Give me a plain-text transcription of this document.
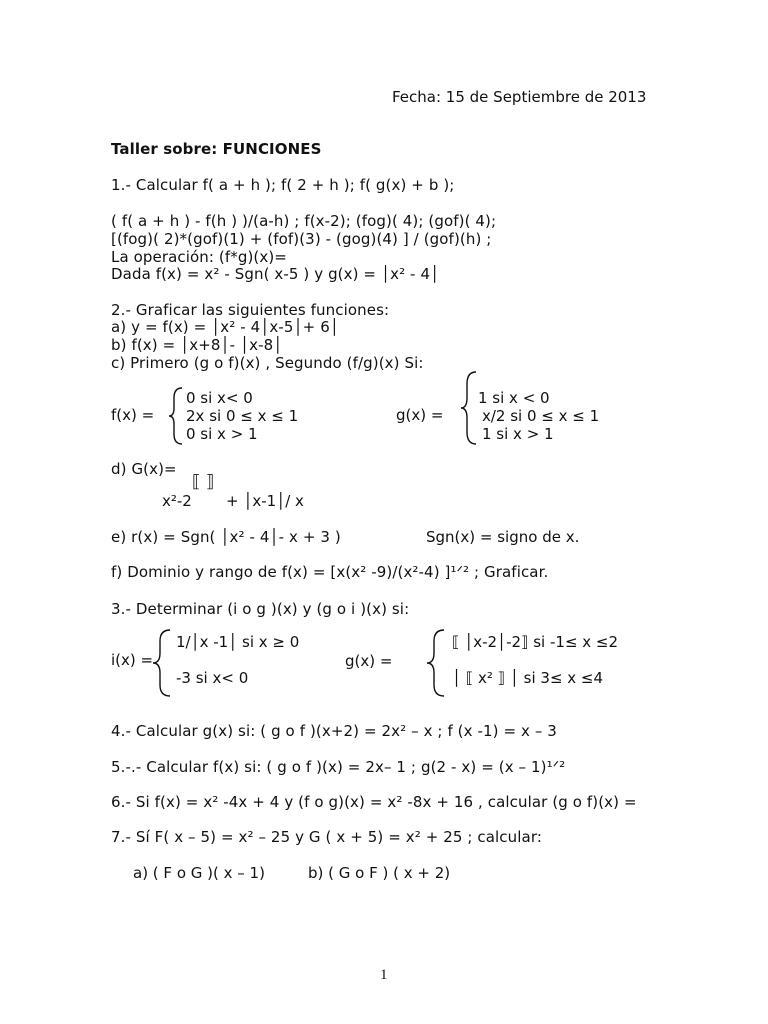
Fecha: 15 de Septiembre de 2013
Taller sobre: FUNCIONES
1.- Calcular f( a + h ); f( 2 + h ); f( g(x) + b );
( f( a + h ) - f(h ) )/(a-h) ; f(x-2); (fog)( 4); (gof)( 4);
[(fog)( 2)*(gof)(1) + (fof)(3) - (gog)(4) ] / (gof)(h) ;
La operación: (f*g)(x)=
Dada f(x) = x² - Sgn( x-5 ) y g(x) = │x² - 4│
2.- Graficar las siguientes funciones:
a) y = f(x) = │x² - 4│x-5│+ 6│
b) f(x) = │x+8│- │x-8│
c) Primero (g o f)(x) , Segundo (f/g)(x) Si:
f(x) =
0 si x< 0
2x si 0 ≤ x ≤ 1
0 si x > 1
g(x) =
1 si x < 0
x/2 si 0 ≤ x ≤ 1
1 si x > 1
d) G(x)=
⟦ ⟧
x²-2 + │x-1│/ x
e) r(x) = Sgn( │x² - 4│- x + 3 )	Sgn(x) = signo de x.
f) Dominio y rango de f(x) = [x(x² -9)/(x²-4) ]¹ᐟ² ; Graficar.
3.- Determinar (i o g )(x) y (g o i )(x) si:
i(x) =
1/│x -1│ si x ≥ 0
-3 si x< 0
g(x) =
⟦ │x-2│-2⟧ si -1≤ x ≤2
│ ⟦ x² ⟧ │ si 3≤ x ≤4
4.- Calcular g(x) si: ( g o f )(x+2) = 2x² – x ; f (x -1) = x – 3
5.-.- Calcular f(x) si: ( g o f )(x) = 2x– 1 ; g(2 - x) = (x – 1)¹ᐟ²
6.- Si f(x) = x² -4x + 4 y (f o g)(x) = x² -8x + 16 , calcular (g o f)(x) =
7.- Sí F( x – 5) = x² – 25 y G ( x + 5) = x² + 25 ; calcular:
a) ( F o G )( x – 1)	b) ( G o F ) ( x + 2)
1
